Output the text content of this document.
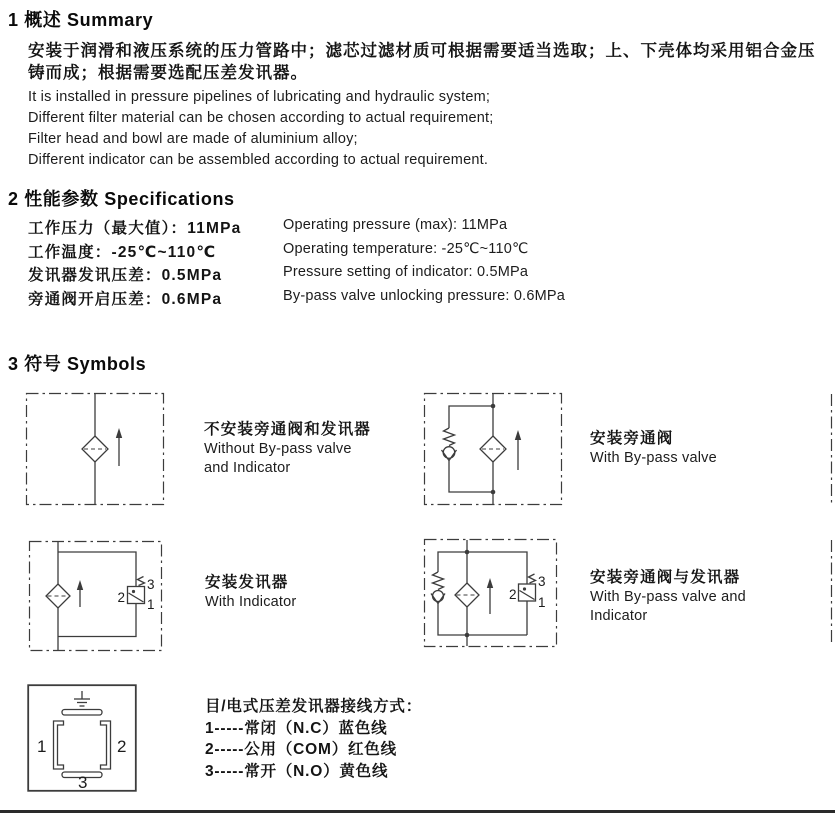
1 概述 Summary
安装于润滑和液压系统的压力管路中；滤芯过滤材质可根据需要适当选取；上、下壳体均采用铝合金压铸而成；根据需要选配压差发讯器。
It is installed in pressure pipelines of lubricating and hydraulic system;
Different filter material can be chosen according to actual requirement;
Filter head and bowl are made of aluminium alloy;
Different indicator can be assembled according to actual requirement.
2 性能参数 Specifications
工作压力（最大值）：11MPa	Operating pressure (max): 11MPa
工作温度：-25℃~110℃	Operating temperature: -25℃~110℃
发讯器发讯压差：0.5MPa	Pressure setting of indicator: 0.5MPa
旁通阀开启压差：0.6MPa	By-pass valve unlocking pressure: 0.6MPa
3 符号 Symbols
不安装旁通阀和发讯器
Without By-pass valve
and Indicator
安装旁通阀
With By-pass valve
2
3
1
安装发讯器
With Indicator	2
3
1
安装旁通阀与发讯器
With By-pass valve and
Indicator
1	2
3
目/电式压差发讯器接线方式：
1-----常闭（N.C）蓝色线
2-----公用（COM）红色线
3-----常开（N.O）黄色线
